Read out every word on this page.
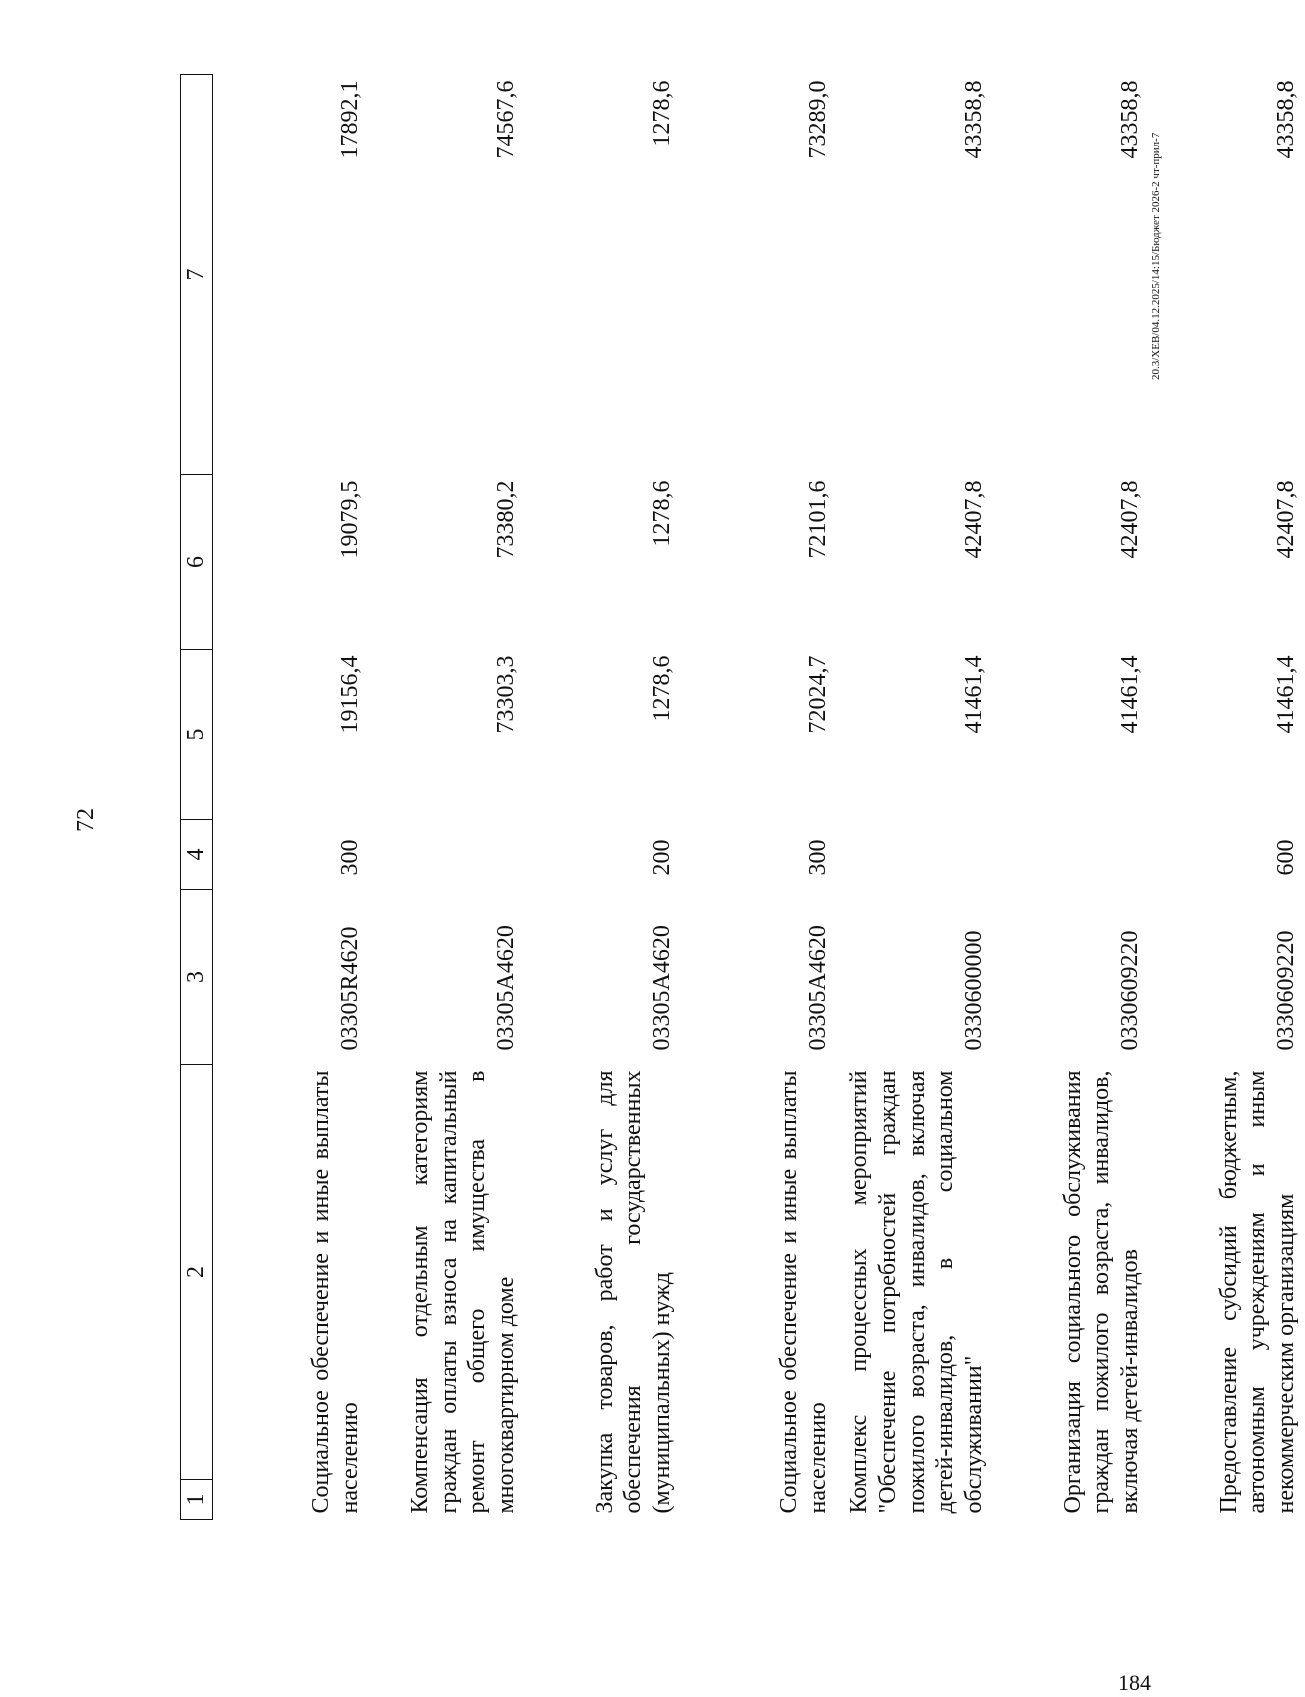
72
1	2	3	4	5	6	7
Социальное обеспечение и иные выплаты населению		03305R4620	300	19156,4	19079,5	17892,1
Компенсация отдельным категориям граждан оплаты взноса на капитальный ремонт общего имущества в многоквартирном доме		03305A4620		73303,3	73380,2	74567,6
Закупка товаров, работ и услуг для обеспечения государственных (муниципальных) нужд		03305A4620	200	1278,6	1278,6	1278,6
Социальное обеспечение и иные выплаты населению		03305A4620	300	72024,7	72101,6	73289,0
Комплекс процессных мероприятий "Обеспечение потребностей граждан пожилого возраста, инвалидов, включая детей-инвалидов, в социальном обслуживании"		0330600000		41461,4	42407,8	43358,8
Организация социального обслуживания граждан пожилого возраста, инвалидов, включая детей-инвалидов		0330609220		41461,4	42407,8	43358,8
Предоставление субсидий бюджетным, автономным учреждениям и иным некоммерческим организациям		0330609220	600	41461,4	42407,8	43358,8
20.3/ХЕВ/04.12.2025/14:15/Бюджет 2026-2 чт-прил-7
184
